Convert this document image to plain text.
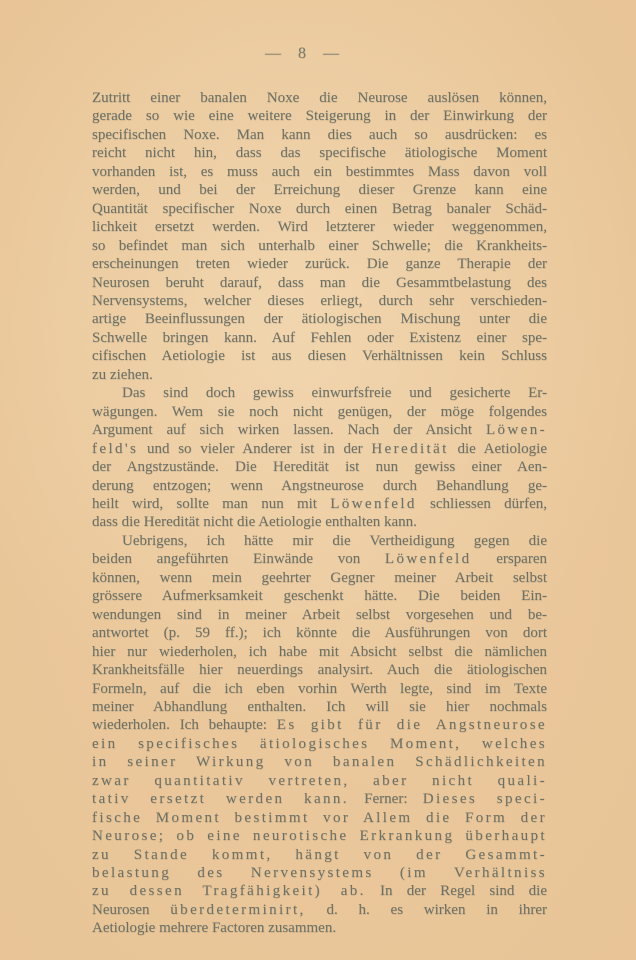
— 8 —
Zutritt einer banalen Noxe die Neurose auslösen können,
gerade so wie eine weitere Steigerung in der Einwirkung der
specifischen Noxe. Man kann dies auch so ausdrücken: es
reicht nicht hin, dass das specifische ätiologische Moment
vorhanden ist, es muss auch ein bestimmtes Mass davon voll
werden, und bei der Erreichung dieser Grenze kann eine
Quantität specifischer Noxe durch einen Betrag banaler Schäd-
lichkeit ersetzt werden. Wird letzterer wieder weggenommen,
so befindet man sich unterhalb einer Schwelle; die Krankheits-
erscheinungen treten wieder zurück. Die ganze Therapie der
Neurosen beruht darauf, dass man die Gesammtbelastung des
Nervensystems, welcher dieses erliegt, durch sehr verschieden-
artige Beeinflussungen der ätiologischen Mischung unter die
Schwelle bringen kann. Auf Fehlen oder Existenz einer spe-
cifischen Aetiologie ist aus diesen Verhältnissen kein Schluss
zu ziehen.
Das sind doch gewiss einwurfsfreie und gesicherte Er-
wägungen. Wem sie noch nicht genügen, der möge folgendes
Argument auf sich wirken lassen. Nach der Ansicht Löwen-
feld's und so vieler Anderer ist in der Heredität die Aetiologie
der Angstzustände. Die Heredität ist nun gewiss einer Aen-
derung entzogen; wenn Angstneurose durch Behandlung ge-
heilt wird, sollte man nun mit Löwenfeld schliessen dürfen,
dass die Heredität nicht die Aetiologie enthalten kann.
Uebrigens, ich hätte mir die Vertheidigung gegen die
beiden angeführten Einwände von Löwenfeld ersparen
können, wenn mein geehrter Gegner meiner Arbeit selbst
grössere Aufmerksamkeit geschenkt hätte. Die beiden Ein-
wendungen sind in meiner Arbeit selbst vorgesehen und be-
antwortet (p. 59 ff.); ich könnte die Ausführungen von dort
hier nur wiederholen, ich habe mit Absicht selbst die nämlichen
Krankheitsfälle hier neuerdings analysirt. Auch die ätiologischen
Formeln, auf die ich eben vorhin Werth legte, sind im Texte
meiner Abhandlung enthalten. Ich will sie hier nochmals
wiederholen. Ich behaupte: Es gibt für die Angstneurose
ein specifisches ätiologisches Moment, welches
in seiner Wirkung von banalen Schädlichkeiten
zwar quantitativ vertreten, aber nicht quali-
tativ ersetzt werden kann. Ferner: Dieses speci-
fische Moment bestimmt vor Allem die Form der
Neurose; ob eine neurotische Erkrankung überhaupt
zu Stande kommt, hängt von der Gesammt-
belastung des Nervensystems (im Verhältniss
zu dessen Tragfähigkeit) ab. In der Regel sind die
Neurosen überdeterminirt, d. h. es wirken in ihrer
Aetiologie mehrere Factoren zusammen.
